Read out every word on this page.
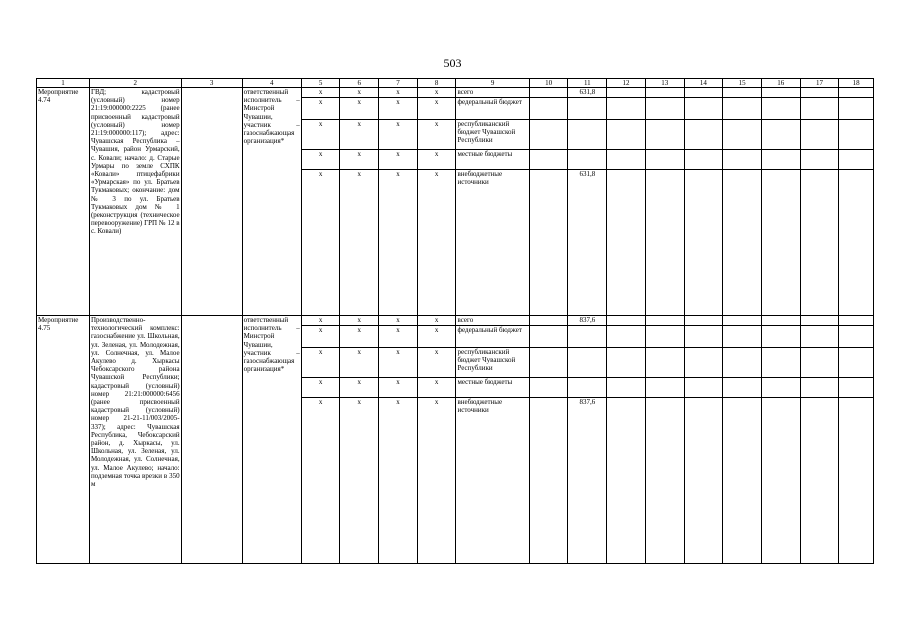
503
1	2	3	4	5	6	7	8	9	10	11	12	13	14	15	16	17	18
Мероприятие 4.74	ГВД; кадастровый (условный) номер 21:19:000000:2225 (ранее присвоенный кадастровый (условный) номер 21:19:000000:117); адрес: Чувашская Республика – Чувашия, район Урмарский, с. Ковали; начало: д. Старые Урмары по земле СХПК «Ковали» птицефабрики «Урмарская» по ул. Братьев Тукмаковых; окончание: дом № 3 по ул. Братьев Тукмаковых дом № 1 (реконструкция (техническое перевооружение) ГРП № 12 в с. Ковали)		ответственный исполнитель – Минстрой Чувашии, участник – газоснабжающая организация*	x	x	x	x	всего		631,8							
				x	x	x	x	федеральный бюджет									
				x	x	x	x	республиканский бюджет Чувашской Республики									
				x	x	x	x	местные бюджеты									
				x	x	x	x	внебюджетные источники		631,8							
Мероприятие 4.75	Производственно-технологический комплекс: газоснабжение ул. Школьная, ул. Зеленая, ул. Молодежная, ул. Солнечная, ул. Малое Акулево д. Хыркасы Чебоксарского района Чувашской Республики; кадастровый (условный) номер 21:21:000000:6456 (ранее присвоенный кадастровый (условный) номер 21-21-11/003/2005-337); адрес: Чувашская Республика, Чебоксарский район, д. Хыркасы, ул. Школьная, ул. Зеленая, ул. Молодежная, ул. Солнечная, ул. Малое Акулево; начало: подземная точка врезки в 350 м		ответственный исполнитель – Минстрой Чувашии, участник – газоснабжающая организация*	x	x	x	x	всего		837,6							
				x	x	x	x	федеральный бюджет									
				x	x	x	x	республиканский бюджет Чувашской Республики									
				x	x	x	x	местные бюджеты									
				x	x	x	x	внебюджетные источники		837,6							
